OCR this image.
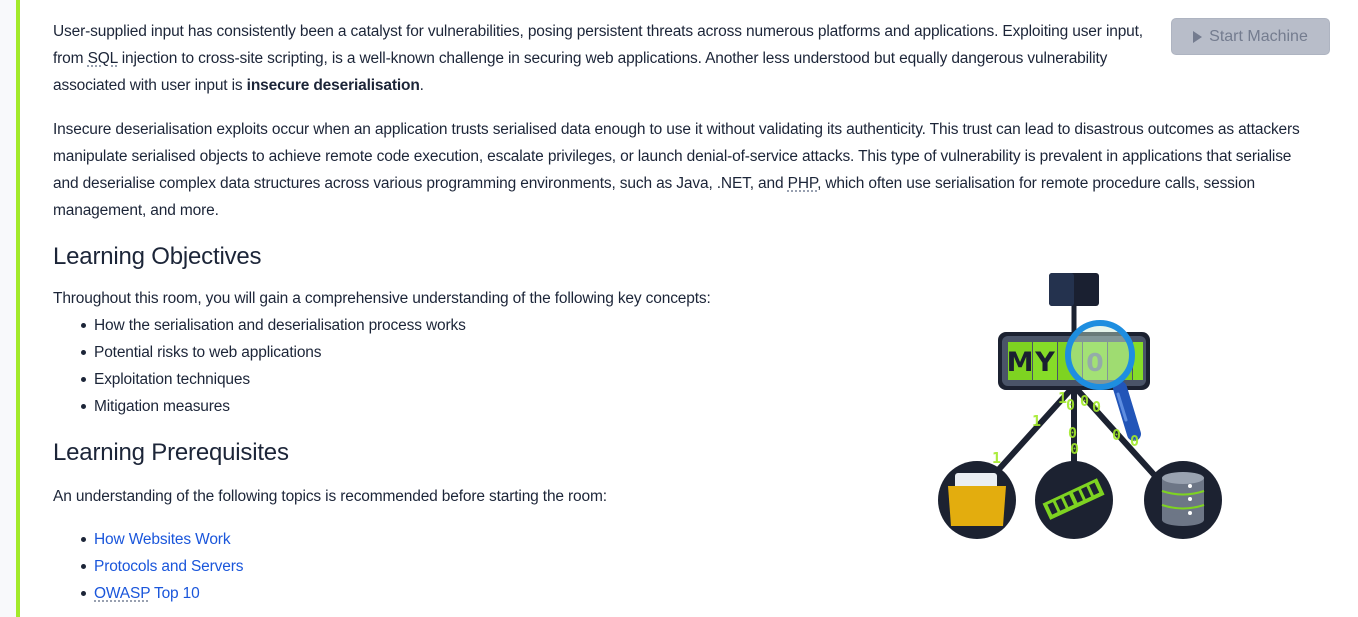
Start Machine

User-supplied input has consistently been a catalyst for vulnerabilities, posing persistent threats across numerous platforms and applications. Exploiting user input, from SQL injection to cross-site scripting, is a well-known challenge in securing web applications. Another less understood but equally dangerous vulnerability associated with user input is insecure deserialisation.

Insecure deserialisation exploits occur when an application trusts serialised data enough to use it without validating its authenticity. This trust can lead to disastrous outcomes as attackers manipulate serialised objects to achieve remote code execution, escalate privileges, or launch denial-of-service attacks. This type of vulnerability is prevalent in applications that serialise and deserialise complex data structures across various programming environments, such as Java, .NET, and PHP, which often use serialisation for remote procedure calls, session management, and more.

Learning Objectives

Throughout this room, you will gain a comprehensive understanding of the following key concepts:

How the serialisation and deserialisation process works
Potential risks to web applications
Exploitation techniques
Mitigation measures
Learning Prerequisites

An understanding of the following topics is recommended before starting the room:

How Websites Work
Protocols and Servers
OWASP Top 10
M Y
1
0 0 0
1
0
0
0 0
1
